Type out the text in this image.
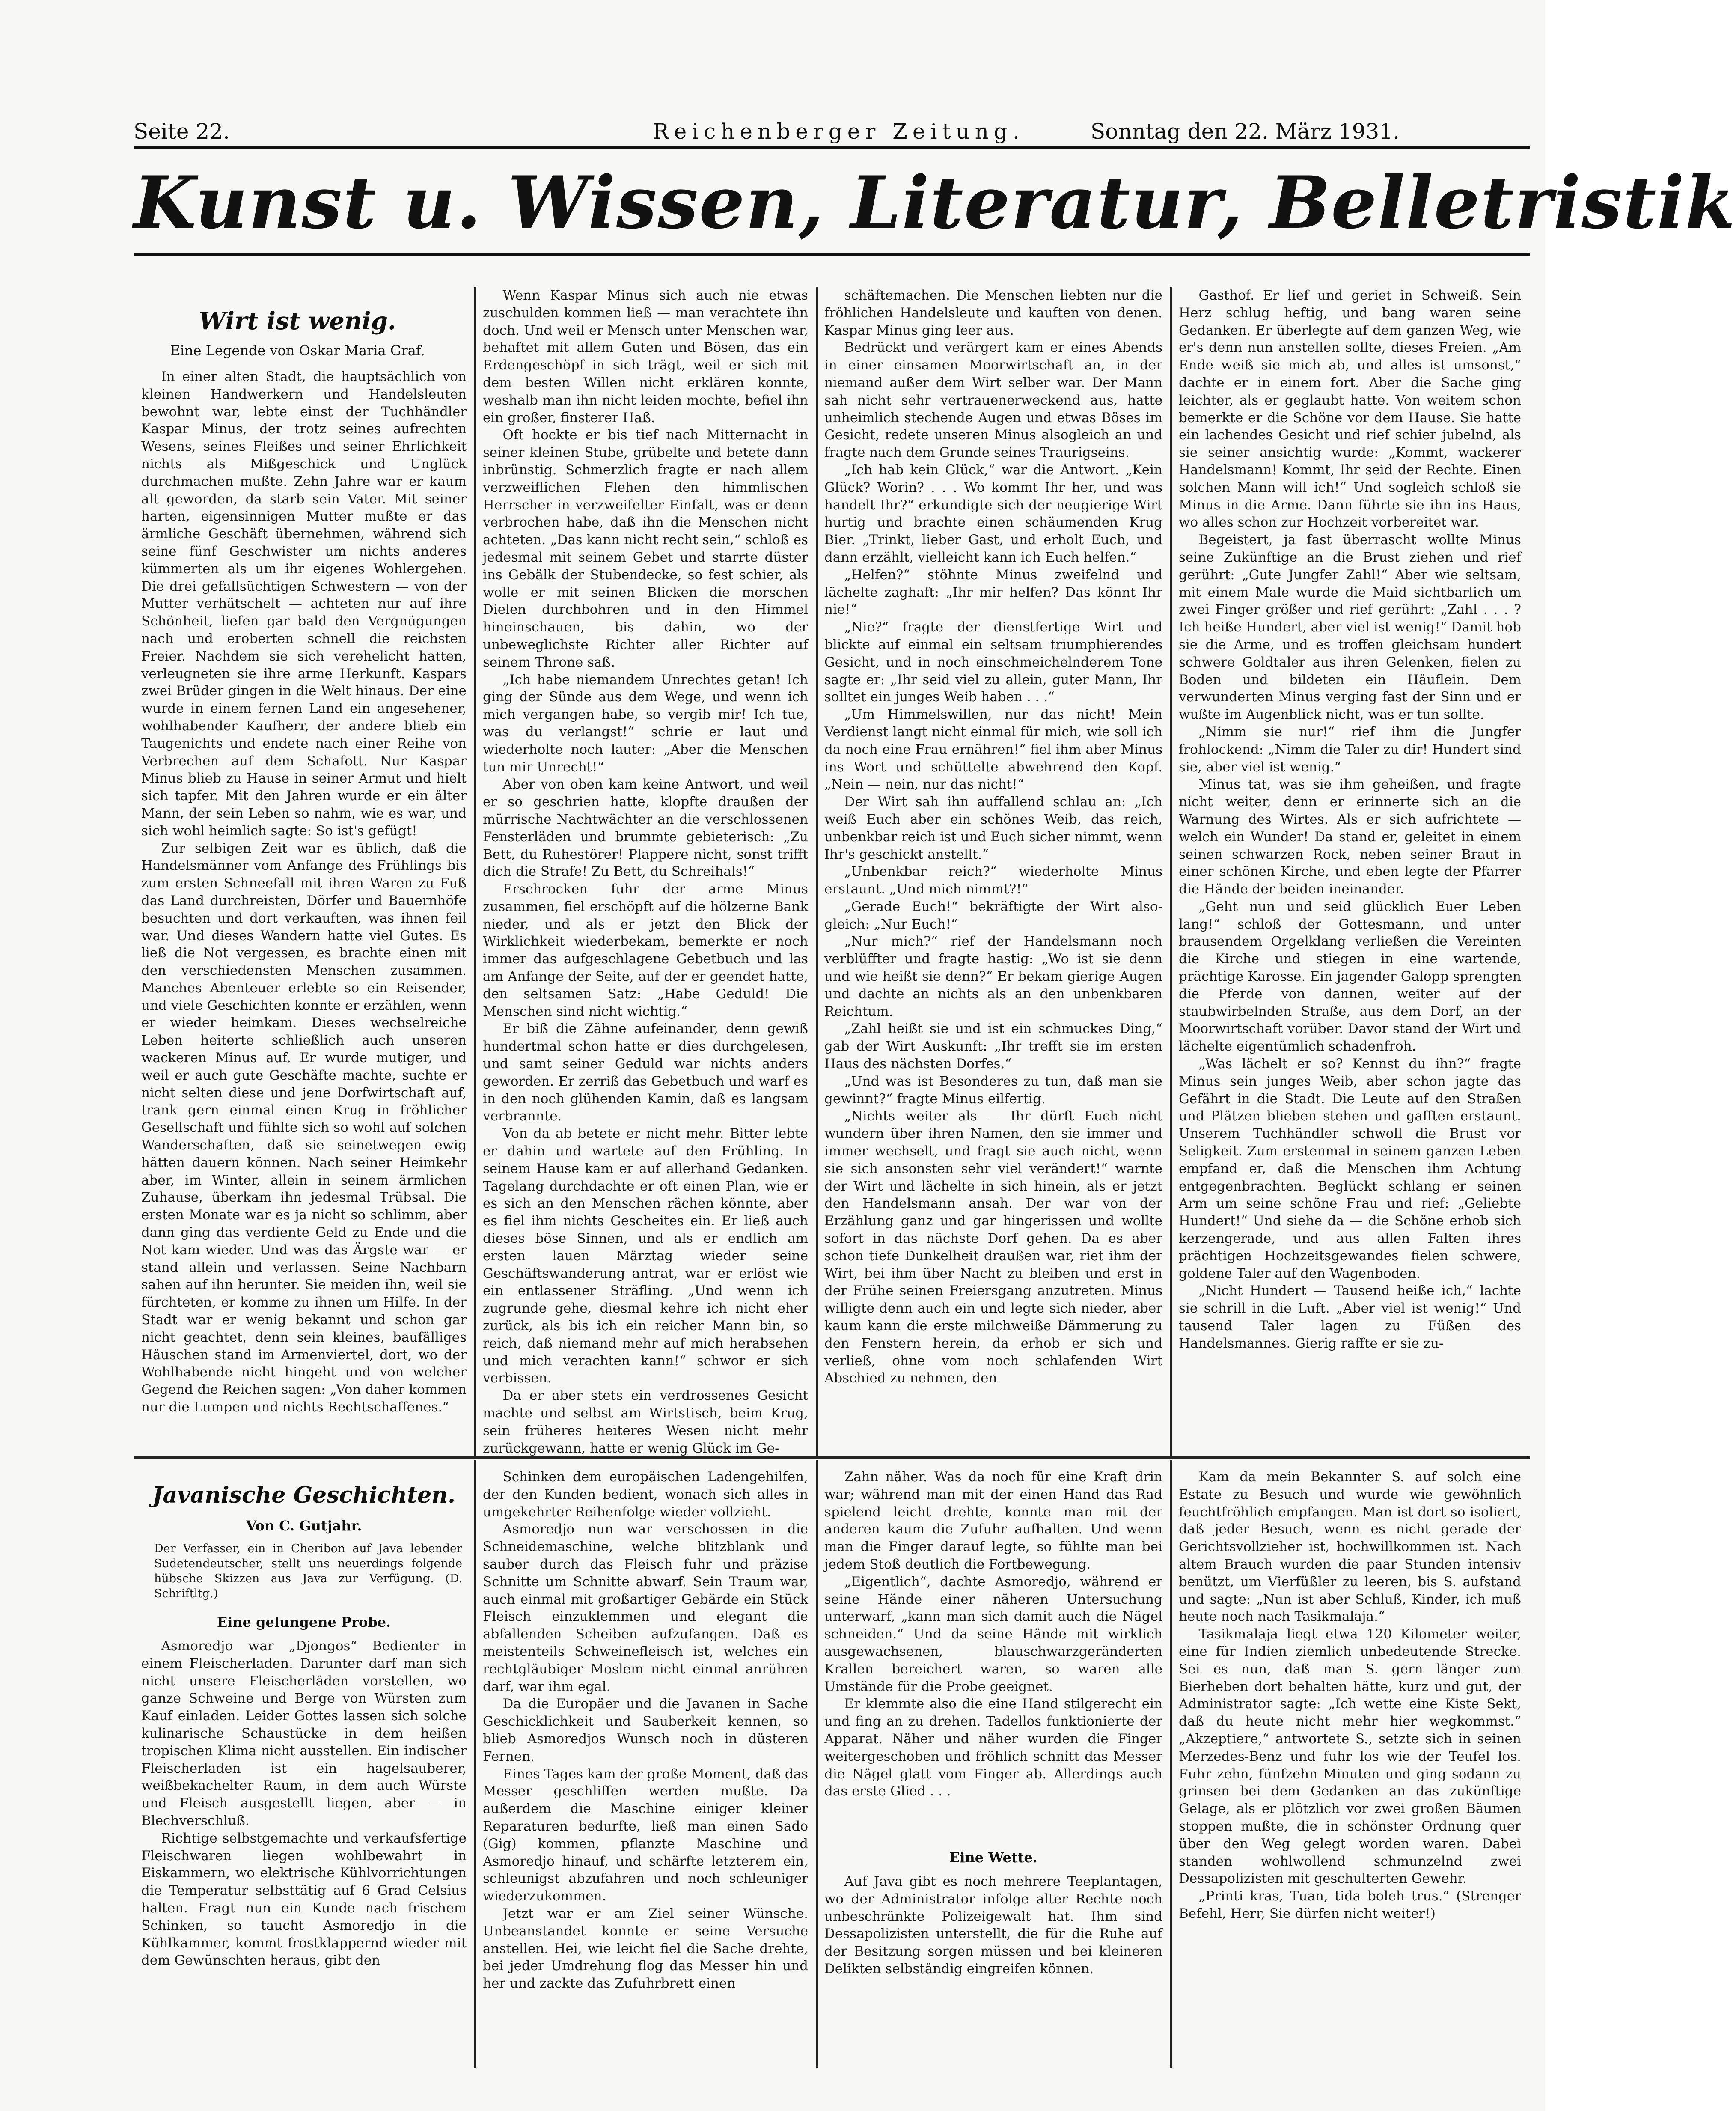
Seite 22.	Reichenberger Zeitung.	Sonntag den 22. März 1931.
Kunst u. Wissen, Literatur, Belletristik
Wirt ist wenig.
Eine Legende von Oskar Maria Graf.

In einer alten Stadt, die hauptsächlich von kleinen Handwerkern und Handelsleuten bewohnt war, lebte einst der Tuchhändler Kaspar Minus, der trotz seines aufrechten Wesens, seines Fleißes und seiner Ehrlichkeit nichts als Mißgeschick und Unglück durchmachen mußte. Zehn Jahre war er kaum alt geworden, da starb sein Vater. Mit seiner harten, eigensinnigen Mutter mußte er das ärmliche Geschäft übernehmen, während sich seine fünf Geschwister um nichts anderes kümmerten als um ihr eigenes Wohlergehen. Die drei gefallsüchtigen Schwestern — von der Mutter verhätschelt — achteten nur auf ihre Schönheit, liefen gar bald den Vergnügungen nach und eroberten schnell die reichsten Freier. Nachdem sie sich verehelicht hatten, verleugneten sie ihre arme Herkunft. Kaspars zwei Brüder gingen in die Welt hinaus. Der eine wurde in einem fernen Land ein angesehener, wohlhabender Kaufherr, der andere blieb ein Taugenichts und endete nach einer Reihe von Verbrechen auf dem Schafott. Nur Kaspar Minus blieb zu Hause in seiner Armut und hielt sich tapfer. Mit den Jahren wurde er ein älter Mann, der sein Leben so nahm, wie es war, und sich wohl heimlich sagte: So ist's gefügt!

Zur selbigen Zeit war es üblich, daß die Handelsmänner vom Anfange des Frühlings bis zum ersten Schneefall mit ihren Waren zu Fuß das Land durchreisten, Dörfer und Bauernhöfe besuchten und dort verkauften, was ihnen feil war. Und dieses Wandern hatte viel Gutes. Es ließ die Not vergessen, es brachte einen mit den verschiedensten Menschen zusammen. Manches Abenteuer erlebte so ein Reisender, und viele Geschichten konnte er erzählen, wenn er wieder heimkam. Dieses wechselreiche Leben heiterte schließlich auch unseren wackeren Minus auf. Er wurde mutiger, und weil er auch gute Geschäfte machte, suchte er nicht selten diese und jene Dorfwirtschaft auf, trank gern einmal einen Krug in fröhlicher Gesellschaft und fühlte sich so wohl auf solchen Wanderschaften, daß sie seinetwegen ewig hätten dauern können. Nach seiner Heimkehr aber, im Winter, allein in seinem ärmlichen Zuhause, überkam ihn jedesmal Trübsal. Die ersten Monate war es ja nicht so schlimm, aber dann ging das verdiente Geld zu Ende und die Not kam wieder. Und was das Ärgste war — er stand allein und verlassen. Seine Nachbarn sahen auf ihn herunter. Sie meiden ihn, weil sie fürchteten, er komme zu ihnen um Hilfe. In der Stadt war er wenig bekannt und schon gar nicht geachtet, denn sein kleines, baufälliges Häuschen stand im Armenviertel, dort, wo der Wohlhabende nicht hingeht und von welcher Gegend die Reichen sagen: „Von daher kommen nur die Lumpen und nichts Rechtschaffenes.“

Wenn Kaspar Minus sich auch nie etwas zuschulden kommen ließ — man verachtete ihn doch. Und weil er Mensch unter Menschen war, behaftet mit allem Guten und Bösen, das ein Erdengeschöpf in sich trägt, weil er sich mit dem besten Willen nicht erklären konnte, weshalb man ihn nicht leiden mochte, befiel ihn ein großer, finsterer Haß.

Oft hockte er bis tief nach Mitternacht in seiner kleinen Stube, grübelte und betete dann inbrünstig. Schmerzlich fragte er nach allem verzweiflichen Flehen den himmlischen Herrscher in verzweifelter Einfalt, was er denn verbrochen habe, daß ihn die Menschen nicht achteten. „Das kann nicht recht sein,“ schloß es jedesmal mit seinem Gebet und starrte düster ins Gebälk der Stubendecke, so fest schier, als wolle er mit seinen Blicken die morschen Dielen durchbohren und in den Himmel hineinschauen, bis dahin, wo der unbeweglichste Richter aller Richter auf seinem Throne saß.

„Ich habe niemandem Unrechtes getan! Ich ging der Sünde aus dem Wege, und wenn ich mich vergangen habe, so vergib mir! Ich tue, was du verlangst!“ schrie er laut und wiederholte noch lauter: „Aber die Menschen tun mir Unrecht!“

Aber von oben kam keine Antwort, und weil er so geschrien hatte, klopfte draußen der mürrische Nachtwächter an die verschlossenen Fensterläden und brummte gebieterisch: „Zu Bett, du Ruhestörer! Plappere nicht, sonst trifft dich die Strafe! Zu Bett, du Schreihals!“

Erschrocken fuhr der arme Minus zusammen, fiel erschöpft auf die hölzerne Bank nieder, und als er jetzt den Blick der Wirklichkeit wiederbekam, bemerkte er noch immer das aufgeschlagene Gebetbuch und las am Anfange der Seite, auf der er geendet hatte, den seltsamen Satz: „Habe Geduld! Die Menschen sind nicht wichtig.“

Er biß die Zähne aufeinander, denn gewiß hundertmal schon hatte er dies durchgelesen, und samt seiner Geduld war nichts anders geworden. Er zerriß das Gebetbuch und warf es in den noch glühenden Kamin, daß es langsam verbrannte.

Von da ab betete er nicht mehr. Bitter lebte er dahin und wartete auf den Frühling. In seinem Hause kam er auf allerhand Gedanken. Tagelang durchdachte er oft einen Plan, wie er es sich an den Menschen rächen könnte, aber es fiel ihm nichts Gescheites ein. Er ließ auch dieses böse Sinnen, und als er endlich am ersten lauen Märztag wieder seine Geschäftswanderung antrat, war er erlöst wie ein entlassener Sträfling. „Und wenn ich zugrunde gehe, diesmal kehre ich nicht eher zurück, als bis ich ein reicher Mann bin, so reich, daß niemand mehr auf mich herabsehen und mich verachten kann!“ schwor er sich verbissen.

Da er aber stets ein verdrossenes Gesicht machte und selbst am Wirtstisch, beim Krug, sein früheres heiteres Wesen nicht mehr zurückgewann, hatte er wenig Glück im Ge-

schäftemachen. Die Menschen liebten nur die fröhlichen Handelsleute und kauften von denen. Kaspar Minus ging leer aus.

Bedrückt und verärgert kam er eines Abends in einer einsamen Moorwirtschaft an, in der niemand außer dem Wirt selber war. Der Mann sah nicht sehr vertrauenerweckend aus, hatte unheimlich stechende Augen und etwas Böses im Gesicht, redete unseren Minus alsogleich an und fragte nach dem Grunde seines Traurigseins.

„Ich hab kein Glück,“ war die Antwort. „Kein Glück? Worin? . . . Wo kommt Ihr her, und was handelt Ihr?“ erkundigte sich der neugierige Wirt hurtig und brachte einen schäumenden Krug Bier. „Trinkt, lieber Gast, und erholt Euch, und dann erzählt, vielleicht kann ich Euch helfen.“

„Helfen?“ stöhnte Minus zweifelnd und lächelte zaghaft: „Ihr mir helfen? Das könnt Ihr nie!“

„Nie?“ fragte der dienstfertige Wirt und blickte auf einmal ein seltsam triumphierendes Gesicht, und in noch einschmeichelnderem Tone sagte er: „Ihr seid viel zu allein, guter Mann, Ihr solltet ein junges Weib haben . . .“

„Um Himmelswillen, nur das nicht! Mein Verdienst langt nicht einmal für mich, wie soll ich da noch eine Frau ernähren!“ fiel ihm aber Minus ins Wort und schüttelte abwehrend den Kopf. „Nein — nein, nur das nicht!“

Der Wirt sah ihn auffallend schlau an: „Ich weiß Euch aber ein schönes Weib, das reich, unbenkbar reich ist und Euch sicher nimmt, wenn Ihr's geschickt anstellt.“

„Unbenkbar reich?“ wiederholte Minus erstaunt. „Und mich nimmt?!“

„Gerade Euch!“ bekräftigte der Wirt also-gleich: „Nur Euch!“

„Nur mich?“ rief der Handelsmann noch verblüffter und fragte hastig: „Wo ist sie denn und wie heißt sie denn?“ Er bekam gierige Augen und dachte an nichts als an den unbenkbaren Reichtum.

„Zahl heißt sie und ist ein schmuckes Ding,“ gab der Wirt Auskunft: „Ihr trefft sie im ersten Haus des nächsten Dorfes.“

„Und was ist Besonderes zu tun, daß man sie gewinnt?“ fragte Minus eilfertig.

„Nichts weiter als — Ihr dürft Euch nicht wundern über ihren Namen, den sie immer und immer wechselt, und fragt sie auch nicht, wenn sie sich ansonsten sehr viel verändert!“ warnte der Wirt und lächelte in sich hinein, als er jetzt den Handelsmann ansah. Der war von der Erzählung ganz und gar hingerissen und wollte sofort in das nächste Dorf gehen. Da es aber schon tiefe Dunkelheit draußen war, riet ihm der Wirt, bei ihm über Nacht zu bleiben und erst in der Frühe seinen Freiersgang anzutreten. Minus willigte denn auch ein und legte sich nieder, aber kaum kann die erste milchweiße Dämmerung zu den Fenstern herein, da erhob er sich und verließ, ohne vom noch schlafenden Wirt Abschied zu nehmen, den

Gasthof. Er lief und geriet in Schweiß. Sein Herz schlug heftig, und bang waren seine Gedanken. Er überlegte auf dem ganzen Weg, wie er's denn nun anstellen sollte, dieses Freien. „Am Ende weiß sie mich ab, und alles ist umsonst,“ dachte er in einem fort. Aber die Sache ging leichter, als er geglaubt hatte. Von weitem schon bemerkte er die Schöne vor dem Hause. Sie hatte ein lachendes Gesicht und rief schier jubelnd, als sie seiner ansichtig wurde: „Kommt, wackerer Handelsmann! Kommt, Ihr seid der Rechte. Einen solchen Mann will ich!“ Und sogleich schloß sie Minus in die Arme. Dann führte sie ihn ins Haus, wo alles schon zur Hochzeit vorbereitet war.

Begeistert, ja fast überrascht wollte Minus seine Zukünftige an die Brust ziehen und rief gerührt: „Gute Jungfer Zahl!“ Aber wie seltsam, mit einem Male wurde die Maid sichtbarlich um zwei Finger größer und rief gerührt: „Zahl . . . ? Ich heiße Hundert, aber viel ist wenig!“ Damit hob sie die Arme, und es troffen gleichsam hundert schwere Goldtaler aus ihren Gelenken, fielen zu Boden und bildeten ein Häuflein. Dem verwunderten Minus verging fast der Sinn und er wußte im Augenblick nicht, was er tun sollte.

„Nimm sie nur!“ rief ihm die Jungfer frohlockend: „Nimm die Taler zu dir! Hundert sind sie, aber viel ist wenig.“

Minus tat, was sie ihm geheißen, und fragte nicht weiter, denn er erinnerte sich an die Warnung des Wirtes. Als er sich aufrichtete — welch ein Wunder! Da stand er, geleitet in einem seinen schwarzen Rock, neben seiner Braut in einer schönen Kirche, und eben legte der Pfarrer die Hände der beiden ineinander.

„Geht nun und seid glücklich Euer Leben lang!“ schloß der Gottesmann, und unter brausendem Orgelklang verließen die Vereinten die Kirche und stiegen in eine wartende, prächtige Karosse. Ein jagender Galopp sprengten die Pferde von dannen, weiter auf der staubwirbelnden Straße, aus dem Dorf, an der Moorwirtschaft vorüber. Davor stand der Wirt und lächelte eigentümlich schadenfroh.

„Was lächelt er so? Kennst du ihn?“ fragte Minus sein junges Weib, aber schon jagte das Gefährt in die Stadt. Die Leute auf den Straßen und Plätzen blieben stehen und gafften erstaunt. Unserem Tuchhändler schwoll die Brust vor Seligkeit. Zum erstenmal in seinem ganzen Leben empfand er, daß die Menschen ihm Achtung entgegenbrachten. Beglückt schlang er seinen Arm um seine schöne Frau und rief: „Geliebte Hundert!“ Und siehe da — die Schöne erhob sich kerzengerade, und aus allen Falten ihres prächtigen Hochzeitsgewandes fielen schwere, goldene Taler auf den Wagenboden.

„Nicht Hundert — Tausend heiße ich,“ lachte sie schrill in die Luft. „Aber viel ist wenig!“ Und tausend Taler lagen zu Füßen des Handelsmannes. Gierig raffte er sie zu-

Javanische Geschichten.
Von C. Gutjahr.
Der Verfasser, ein in Cheribon auf Java lebender Sudetendeutscher, stellt uns neuerdings folgende hübsche Skizzen aus Java zur Verfügung. (D. Schriftltg.)
Eine gelungene Probe.

Asmoredjo war „Djongos“ Bedienter in einem Fleischerladen. Darunter darf man sich nicht unsere Fleischerläden vorstellen, wo ganze Schweine und Berge von Würsten zum Kauf einladen. Leider Gottes lassen sich solche kulinarische Schaustücke in dem heißen tropischen Klima nicht ausstellen. Ein indischer Fleischerladen ist ein hagelsauberer, weißbekachelter Raum, in dem auch Würste und Fleisch ausgestellt liegen, aber — in Blechverschluß.

Richtige selbstgemachte und verkaufsfertige Fleischwaren liegen wohlbewahrt in Eiskammern, wo elektrische Kühlvorrichtungen die Temperatur selbsttätig auf 6 Grad Celsius halten. Fragt nun ein Kunde nach frischem Schinken, so taucht Asmoredjo in die Kühlkammer, kommt frostklappernd wieder mit dem Gewünschten heraus, gibt den

Schinken dem europäischen Ladengehilfen, der den Kunden bedient, wonach sich alles in umgekehrter Reihenfolge wieder vollzieht.

Asmoredjo nun war verschossen in die Schneidemaschine, welche blitzblank und sauber durch das Fleisch fuhr und präzise Schnitte um Schnitte abwarf. Sein Traum war, auch einmal mit großartiger Gebärde ein Stück Fleisch einzuklemmen und elegant die abfallenden Scheiben aufzufangen. Daß es meistenteils Schweinefleisch ist, welches ein rechtgläubiger Moslem nicht einmal anrühren darf, war ihm egal.

Da die Europäer und die Javanen in Sache Geschicklichkeit und Sauberkeit kennen, so blieb Asmoredjos Wunsch noch in düsteren Fernen.

Eines Tages kam der große Moment, daß das Messer geschliffen werden mußte. Da außerdem die Maschine einiger kleiner Reparaturen bedurfte, ließ man einen Sado (Gig) kommen, pflanzte Maschine und Asmoredjo hinauf, und schärfte letzterem ein, schleunigst abzufahren und noch schleuniger wiederzukommen.

Jetzt war er am Ziel seiner Wünsche. Unbeanstandet konnte er seine Versuche anstellen. Hei, wie leicht fiel die Sache drehte, bei jeder Umdrehung flog das Messer hin und her und zackte das Zufuhrbrett einen

Zahn näher. Was da noch für eine Kraft drin war; während man mit der einen Hand das Rad spielend leicht drehte, konnte man mit der anderen kaum die Zufuhr aufhalten. Und wenn man die Finger darauf legte, so fühlte man bei jedem Stoß deutlich die Fortbewegung.

„Eigentlich“, dachte Asmoredjo, während er seine Hände einer näheren Untersuchung unterwarf, „kann man sich damit auch die Nägel schneiden.“ Und da seine Hände mit wirklich ausgewachsenen, blauschwarzgeränderten Krallen bereichert waren, so waren alle Umstände für die Probe geeignet.

Er klemmte also die eine Hand stilgerecht ein und fing an zu drehen. Tadellos funktionierte der Apparat. Näher und näher wurden die Finger weitergeschoben und fröhlich schnitt das Messer die Nägel glatt vom Finger ab. Allerdings auch das erste Glied . . .

Eine Wette.

Auf Java gibt es noch mehrere Teeplantagen, wo der Administrator infolge alter Rechte noch unbeschränkte Polizeigewalt hat. Ihm sind Dessapolizisten unterstellt, die für die Ruhe auf der Besitzung sorgen müssen und bei kleineren Delikten selbständig eingreifen können.

Kam da mein Bekannter S. auf solch eine Estate zu Besuch und wurde wie gewöhnlich feuchtfröhlich empfangen. Man ist dort so isoliert, daß jeder Besuch, wenn es nicht gerade der Gerichtsvollzieher ist, hochwillkommen ist. Nach altem Brauch wurden die paar Stunden intensiv benützt, um Vierfüßler zu leeren, bis S. aufstand und sagte: „Nun ist aber Schluß, Kinder, ich muß heute noch nach Tasikmalaja.“

Tasikmalaja liegt etwa 120 Kilometer weiter, eine für Indien ziemlich unbedeutende Strecke. Sei es nun, daß man S. gern länger zum Bierheben dort behalten hätte, kurz und gut, der Administrator sagte: „Ich wette eine Kiste Sekt, daß du heute nicht mehr hier wegkommst.“ „Akzeptiere,“ antwortete S., setzte sich in seinen Merzedes-Benz und fuhr los wie der Teufel los. Fuhr zehn, fünfzehn Minuten und ging sodann zu grinsen bei dem Gedanken an das zukünftige Gelage, als er plötzlich vor zwei großen Bäumen stoppen mußte, die in schönster Ordnung quer über den Weg gelegt worden waren. Dabei standen wohlwollend schmunzelnd zwei Dessapolizisten mit geschulterten Gewehr.

„Printi kras, Tuan, tida boleh trus.“ (Strenger Befehl, Herr, Sie dürfen nicht weiter!)
